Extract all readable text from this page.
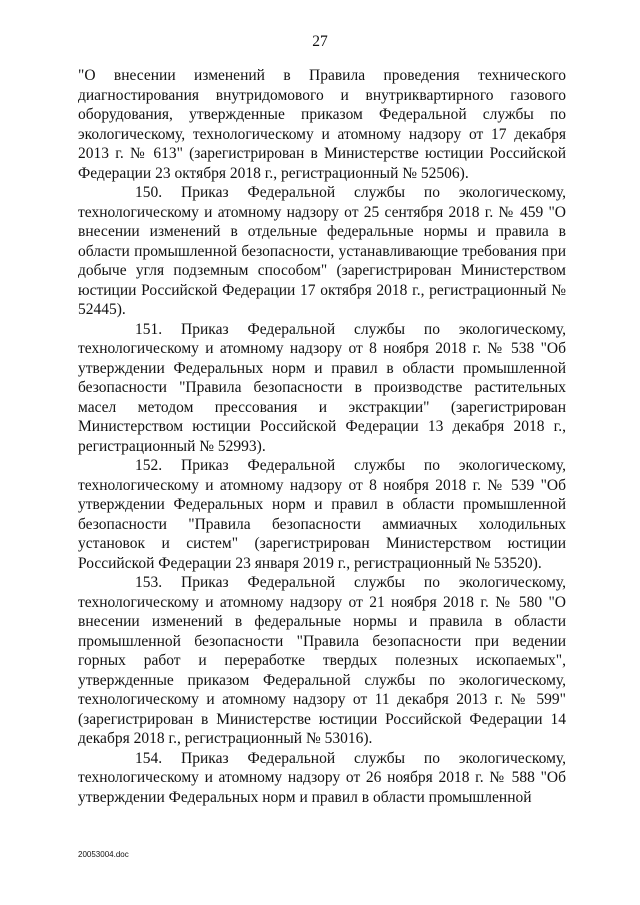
27

"О внесении изменений в Правила проведения технического диагностирования внутридомового и внутриквартирного газового оборудования, утвержденные приказом Федеральной службы по экологическому, технологическому и атомному надзору от 17 декабря 2013 г. № 613" (зарегистрирован в Министерстве юстиции Российской Федерации 23 октября 2018 г., регистрационный № 52506).

150. Приказ Федеральной службы по экологическому, технологическому и атомному надзору от 25 сентября 2018 г. № 459 "О внесении изменений в отдельные федеральные нормы и правила в области промышленной безопасности, устанавливающие требования при добыче угля подземным способом" (зарегистрирован Министерством юстиции Российской Федерации 17 октября 2018 г., регистрационный № 52445).

151. Приказ Федеральной службы по экологическому, технологическому и атомному надзору от 8 ноября 2018 г. № 538 "Об утверждении Федеральных норм и правил в области промышленной безопасности "Правила безопасности в производстве растительных масел методом прессования и экстракции" (зарегистрирован Министерством юстиции Российской Федерации 13 декабря 2018 г., регистрационный № 52993).

152. Приказ Федеральной службы по экологическому, технологическому и атомному надзору от 8 ноября 2018 г. № 539 "Об утверждении Федеральных норм и правил в области промышленной безопасности "Правила безопасности аммиачных холодильных установок и систем" (зарегистрирован Министерством юстиции Российской Федерации 23 января 2019 г., регистрационный № 53520).

153. Приказ Федеральной службы по экологическому, технологическому и атомному надзору от 21 ноября 2018 г. № 580 "О внесении изменений в федеральные нормы и правила в области промышленной безопасности "Правила безопасности при ведении горных работ и переработке твердых полезных ископаемых", утвержденные приказом Федеральной службы по экологическому, технологическому и атомному надзору от 11 декабря 2013 г. № 599" (зарегистрирован в Министерстве юстиции Российской Федерации 14 декабря 2018 г., регистрационный № 53016).

154. Приказ Федеральной службы по экологическому, технологическому и атомному надзору от 26 ноября 2018 г. № 588 "Об утверждении Федеральных норм и правил в области промышленной

20053004.doc
